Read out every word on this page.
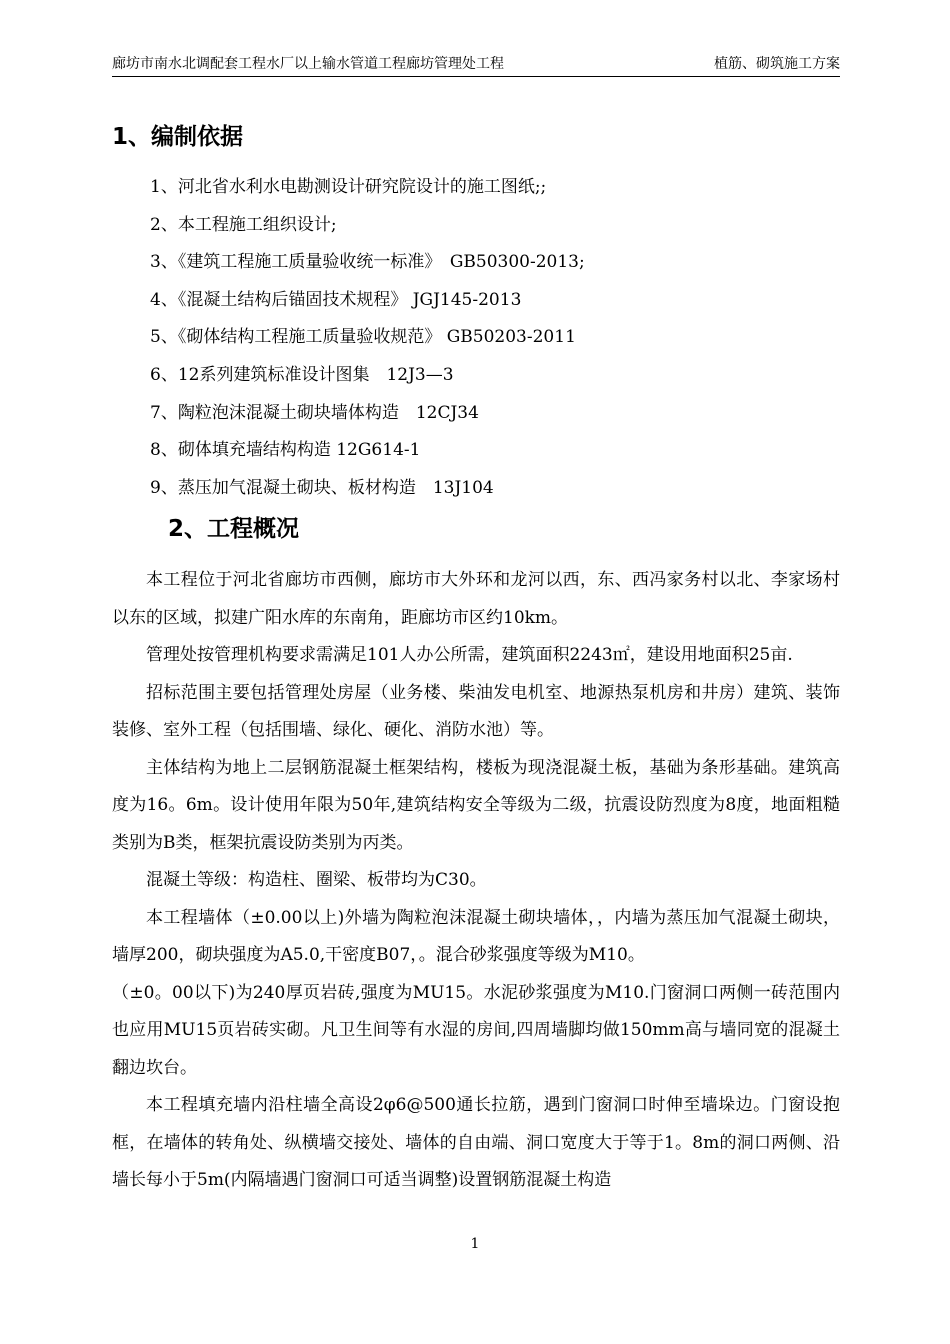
廊坊市南水北调配套工程水厂以上输水管道工程廊坊管理处工程	植筋、砌筑施工方案
1、编制依据
1、河北省水利水电勘测设计研究院设计的施工图纸;;
2、本工程施工组织设计;
3、《建筑工程施工质量验收统一标准》　GB50300-2013;
4、《混凝土结构后锚固技术规程》 JGJ145-2013
5、《砌体结构工程施工质量验收规范》 GB50203-2011
6、12系列建筑标准设计图集　12J3—3
7、陶粒泡沫混凝土砌块墙体构造　12CJ34
8、砌体填充墙结构构造 12G614-1
9、蒸压加气混凝土砌块、板材构造　13J104
2、工程概况

本工程位于河北省廊坊市西侧，廊坊市大外环和龙河以西，东、西冯家务村以北、李家场村以东的区域，拟建广阳水库的东南角，距廊坊市区约10km。

管理处按管理机构要求需满足101人办公所需，建筑面积2243㎡，建设用地面积25亩.

招标范围主要包括管理处房屋（业务楼、柴油发电机室、地源热泵机房和井房）建筑、装饰装修、室外工程（包括围墙、绿化、硬化、消防水池）等。

主体结构为地上二层钢筋混凝土框架结构，楼板为现浇混凝土板，基础为条形基础。建筑高度为16。6m。设计使用年限为50年,建筑结构安全等级为二级，抗震设防烈度为8度，地面粗糙类别为B类，框架抗震设防类别为丙类。

混凝土等级：构造柱、圈梁、板带均为C30。

本工程墙体（±0.00以上)外墙为陶粒泡沫混凝土砌块墙体，，内墙为蒸压加气混凝土砌块，墙厚200，砌块强度为A5.0,干密度B07，。混合砂浆强度等级为M10。

（±0。00以下)为240厚页岩砖,强度为MU15。水泥砂浆强度为M10.门窗洞口两侧一砖范围内也应用MU15页岩砖实砌。凡卫生间等有水湿的房间,四周墙脚均做150mm高与墙同宽的混凝土翻边坎台。

本工程填充墙内沿柱墙全高设2φ6@500通长拉筋，遇到门窗洞口时伸至墙垛边。门窗设抱框，在墙体的转角处、纵横墙交接处、墙体的自由端、洞口宽度大于等于1。8m的洞口两侧、沿墙长每小于5m(内隔墙遇门窗洞口可适当调整)设置钢筋混凝土构造

1
